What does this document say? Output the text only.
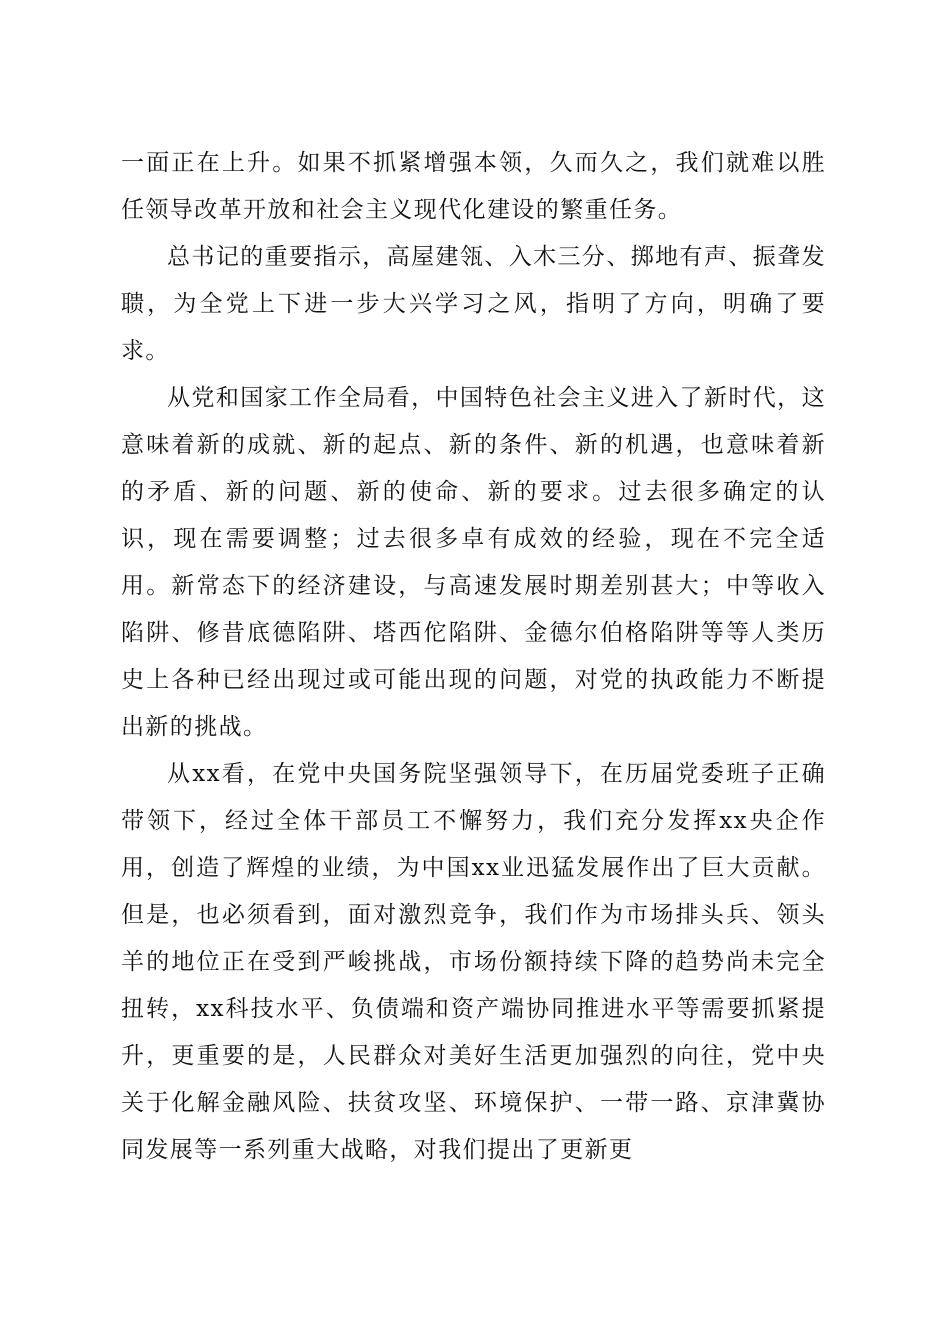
一面正在上升。如果不抓紧增强本领，久而久之，我们就难以胜任领导改革开放和社会主义现代化建设的繁重任务。

总书记的重要指示，高屋建瓴、入木三分、掷地有声、振聋发聩，为全党上下进一步大兴学习之风，指明了方向，明确了要求。

从党和国家工作全局看，中国特色社会主义进入了新时代，这意味着新的成就、新的起点、新的条件、新的机遇，也意味着新的矛盾、新的问题、新的使命、新的要求。过去很多确定的认识，现在需要调整；过去很多卓有成效的经验，现在不完全适用。新常态下的经济建设，与高速发展时期差别甚大；中等收入陷阱、修昔底德陷阱、塔西佗陷阱、金德尔伯格陷阱等等人类历史上各种已经出现过或可能出现的问题，对党的执政能力不断提出新的挑战。

从xx看，在党中央国务院坚强领导下，在历届党委班子正确带领下，经过全体干部员工不懈努力，我们充分发挥xx央企作用，创造了辉煌的业绩，为中国xx业迅猛发展作出了巨大贡献。但是，也必须看到，面对激烈竞争，我们作为市场排头兵、领头羊的地位正在受到严峻挑战，市场份额持续下降的趋势尚未完全扭转，xx科技水平、负债端和资产端协同推进水平等需要抓紧提升，更重要的是，人民群众对美好生活更加强烈的向往，党中央关于化解金融风险、扶贫攻坚、环境保护、一带一路、京津冀协同发展等一系列重大战略，对我们提出了更新更
